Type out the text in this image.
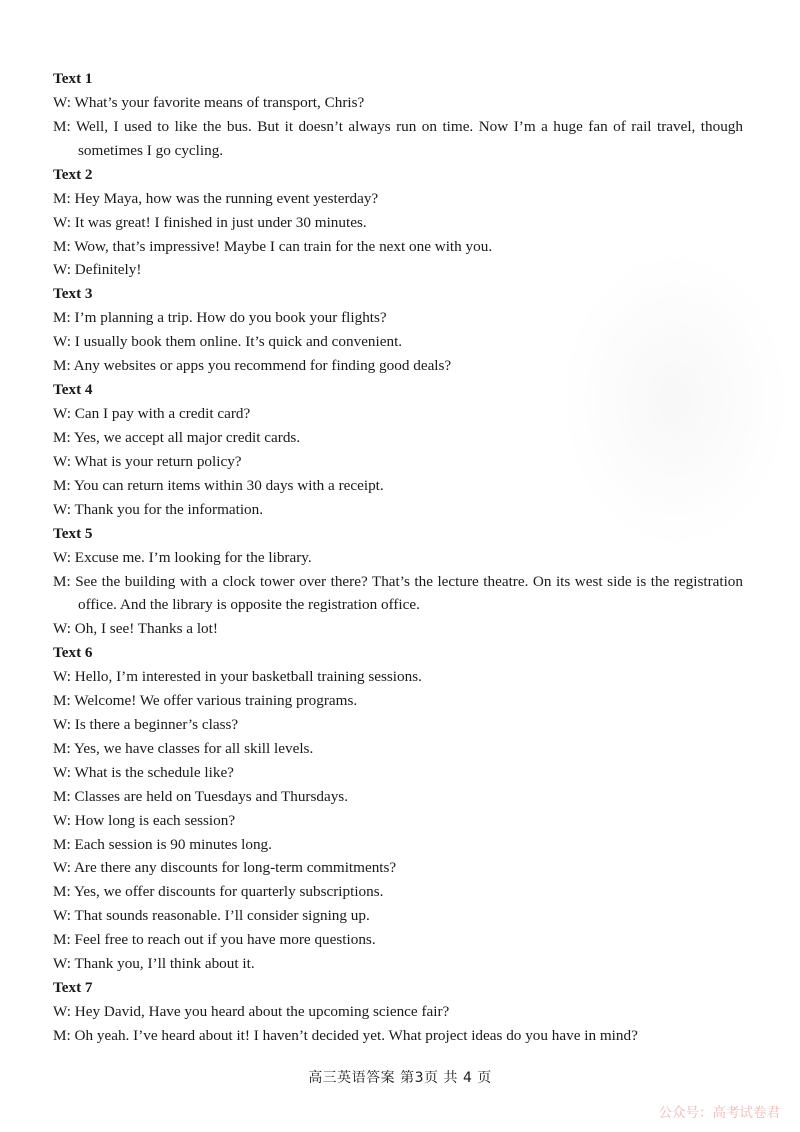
Text 1
W: What’s your favorite means of transport, Chris?
M: Well, I used to like the bus. But it doesn’t always run on time. Now I’m a huge fan of rail travel, though sometimes I go cycling.
Text 2
M: Hey Maya, how was the running event yesterday?
W: It was great! I finished in just under 30 minutes.
M: Wow, that’s impressive! Maybe I can train for the next one with you.
W: Definitely!
Text 3
M: I’m planning a trip. How do you book your flights?
W: I usually book them online. It’s quick and convenient.
M: Any websites or apps you recommend for finding good deals?
Text 4
W: Can I pay with a credit card?
M: Yes, we accept all major credit cards.
W: What is your return policy?
M: You can return items within 30 days with a receipt.
W: Thank you for the information.
Text 5
W: Excuse me. I’m looking for the library.
M: See the building with a clock tower over there? That’s the lecture theatre. On its west side is the registration office. And the library is opposite the registration office.
W: Oh, I see! Thanks a lot!
Text 6
W: Hello, I’m interested in your basketball training sessions.
M: Welcome! We offer various training programs.
W: Is there a beginner’s class?
M: Yes, we have classes for all skill levels.
W: What is the schedule like?
M: Classes are held on Tuesdays and Thursdays.
W: How long is each session?
M: Each session is 90 minutes long.
W: Are there any discounts for long-term commitments?
M: Yes, we offer discounts for quarterly subscriptions.
W: That sounds reasonable. I’ll consider signing up.
M: Feel free to reach out if you have more questions.
W: Thank you, I’ll think about it.
Text 7
W: Hey David, Have you heard about the upcoming science fair?
M: Oh yeah. I’ve heard about it! I haven’t decided yet. What project ideas do you have in mind?
高三英语答案 第3页 共 4 页
公众号：高考试卷君
